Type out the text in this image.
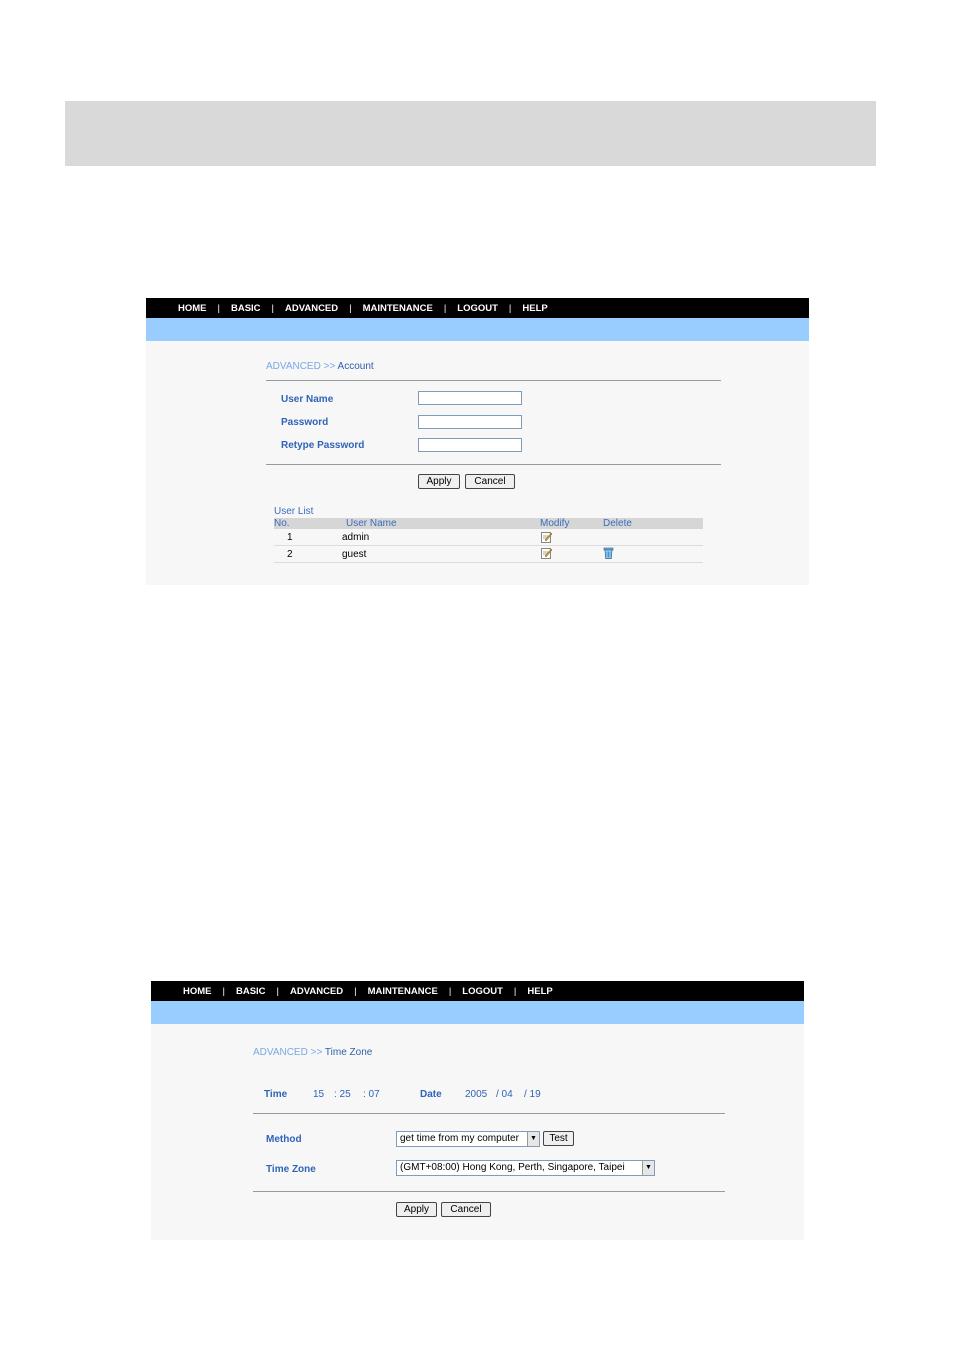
HOME | BASIC | ADVANCED | MAINTENANCE | LOGOUT | HELP
ADVANCED >> Account
User Name
Password
Retype Password
Apply	Cancel
User List
No.	User Name	Modify	Delete
1	admin
2	guest
HOME | BASIC | ADVANCED | MAINTENANCE | LOGOUT | HELP
ADVANCED >> Time Zone
Time	15 : 25 : 07	Date 2005 / 04 / 19
Method	get time from my computer	▼	Test
Time Zone	(GMT+08:00) Hong Kong, Perth, Singapore, Taipei	▼
Apply	Cancel
